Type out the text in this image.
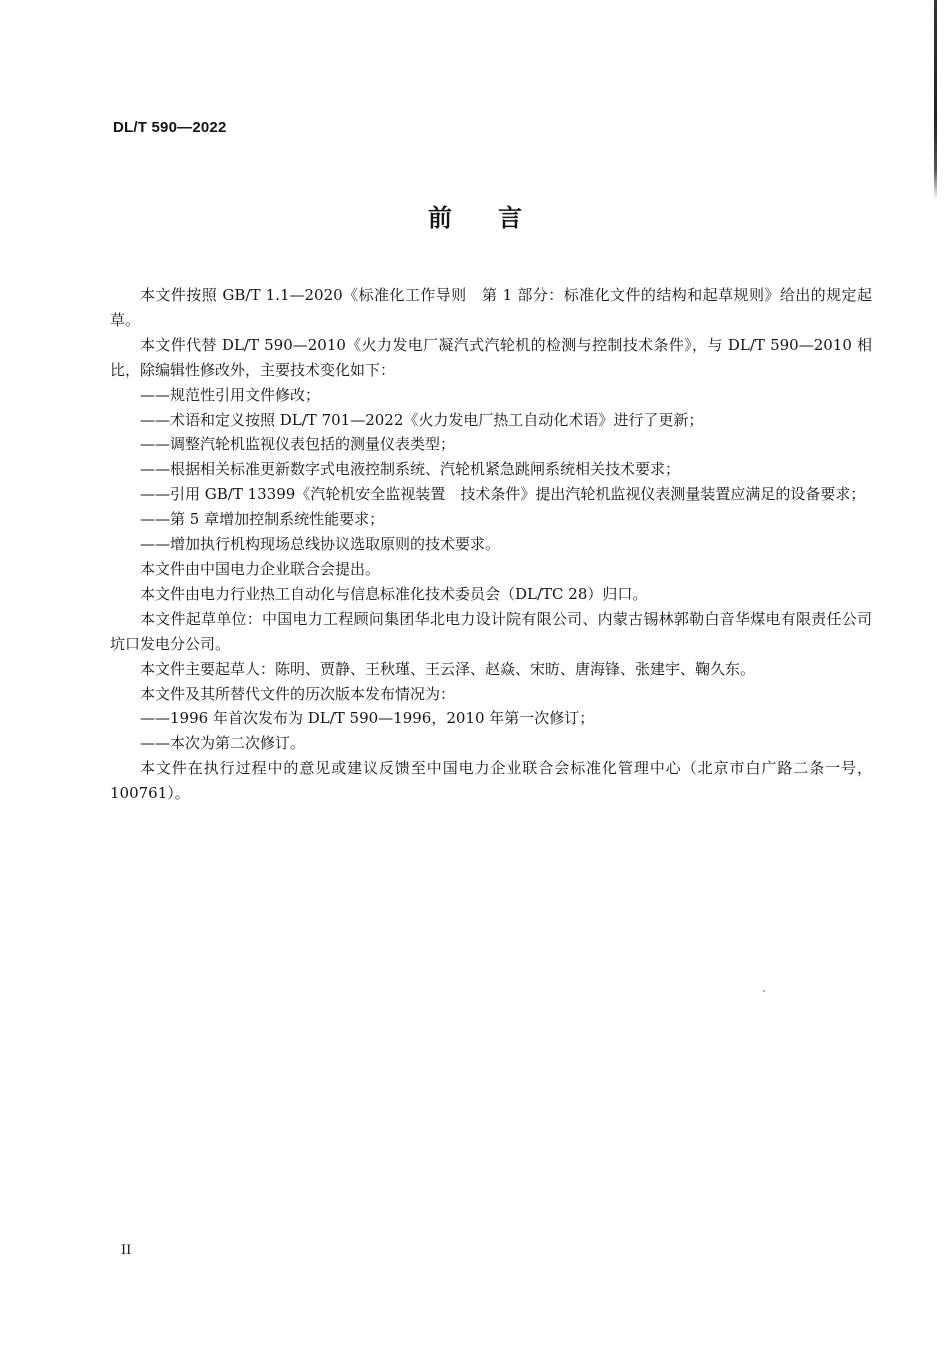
DL/T 590—2022
前言

本文件按照 GB/T 1.1—2020《标准化工作导则　第 1 部分：标准化文件的结构和起草规则》给出的规定起草。

本文件代替 DL/T 590—2010《火力发电厂凝汽式汽轮机的检测与控制技术条件》，与 DL/T 590—2010 相比，除编辑性修改外，主要技术变化如下：

——规范性引用文件修改；

——术语和定义按照 DL/T 701—2022《火力发电厂热工自动化术语》进行了更新；

——调整汽轮机监视仪表包括的测量仪表类型；

——根据相关标准更新数字式电液控制系统、汽轮机紧急跳闸系统相关技术要求；

——引用 GB/T 13399《汽轮机安全监视装置　技术条件》提出汽轮机监视仪表测量装置应满足的设备要求；

——第 5 章增加控制系统性能要求；

——增加执行机构现场总线协议选取原则的技术要求。

本文件由中国电力企业联合会提出。

本文件由电力行业热工自动化与信息标准化技术委员会（DL/TC 28）归口。

本文件起草单位：中国电力工程顾问集团华北电力设计院有限公司、内蒙古锡林郭勒白音华煤电有限责任公司坑口发电分公司。

本文件主要起草人：陈明、贾静、王秋瑾、王云泽、赵焱、宋昉、唐海锋、张建宇、鞠久东。

本文件及其所替代文件的历次版本发布情况为：

——1996 年首次发布为 DL/T 590—1996，2010 年第一次修订；

——本次为第二次修订。

本文件在执行过程中的意见或建议反馈至中国电力企业联合会标准化管理中心（北京市白广路二条一号，100761）。

II
